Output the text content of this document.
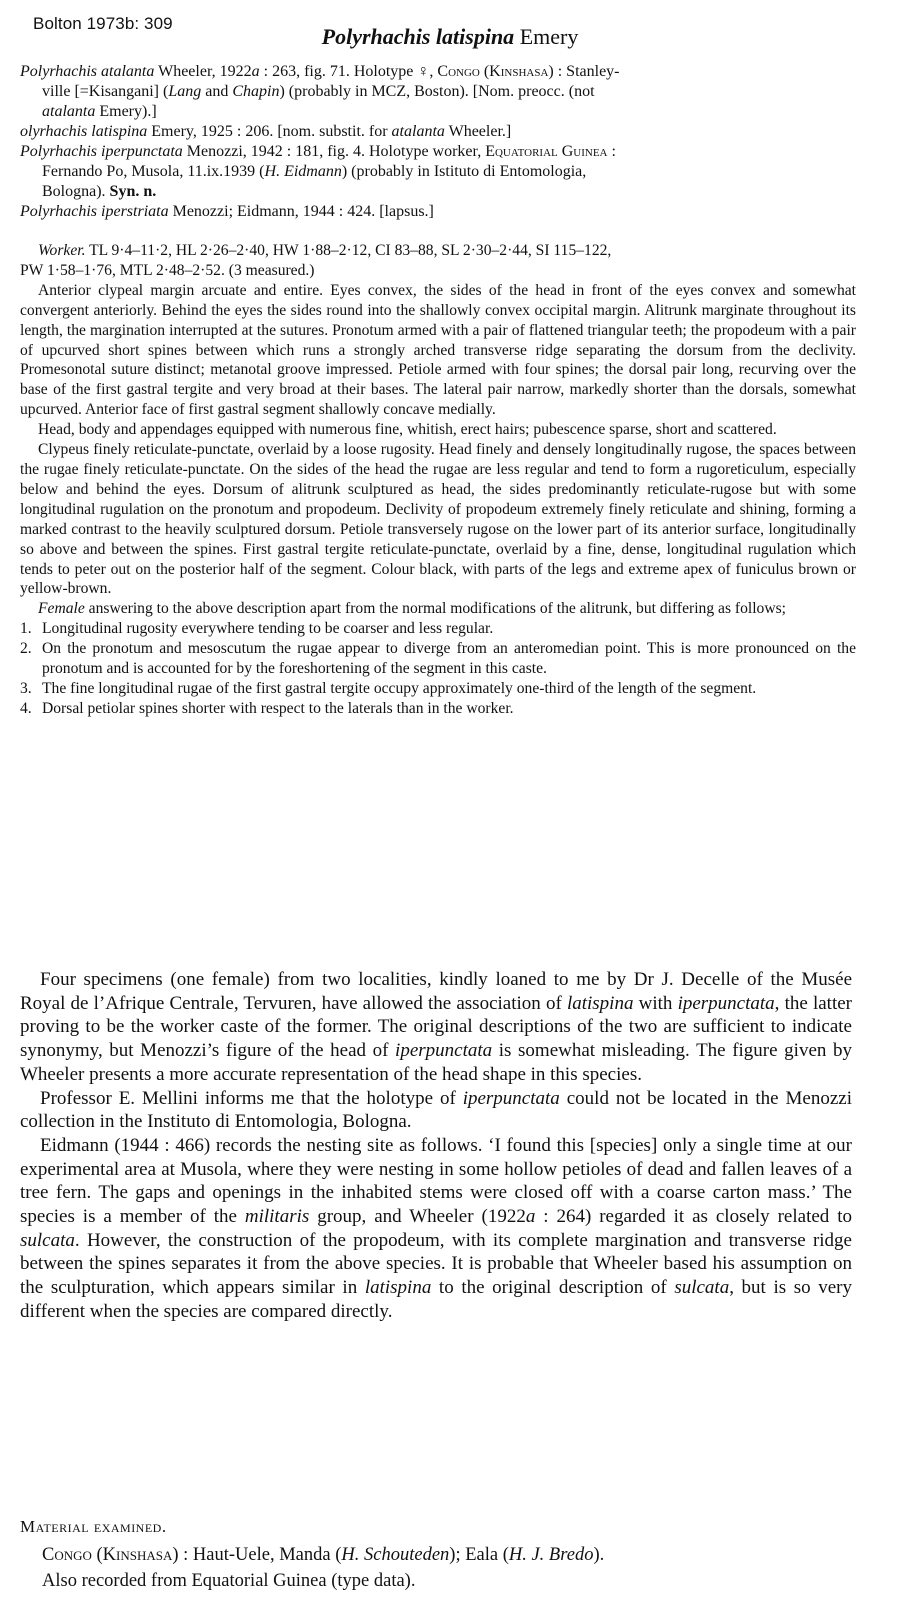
Bolton 1973b: 309
Polyrhachis latispina Emery
Polyrhachis atalanta Wheeler, 1922a : 263, fig. 71. Holotype ♀, Congo (Kinshasa) : Stanley-
ville [=Kisangani] (Lang and Chapin) (probably in MCZ, Boston). [Nom. preocc. (not
atalanta Emery).]
olyrhachis latispina Emery, 1925 : 206. [nom. substit. for atalanta Wheeler.]
Polyrhachis iperpunctata Menozzi, 1942 : 181, fig. 4. Holotype worker, Equatorial Guinea :
Fernando Po, Musola, 11.ix.1939 (H. Eidmann) (probably in Istituto di Entomologia,
Bologna). Syn. n.
Polyrhachis iperstriata Menozzi; Eidmann, 1944 : 424. [lapsus.]
Worker. TL 9·4–11·2, HL 2·26–2·40, HW 1·88–2·12, CI 83–88, SL 2·30–2·44, SI 115–122,
PW 1·58–1·76, MTL 2·48–2·52. (3 measured.)

Anterior clypeal margin arcuate and entire. Eyes convex, the sides of the head in front of the eyes convex and somewhat convergent anteriorly. Behind the eyes the sides round into the shallowly convex occipital margin. Alitrunk marginate throughout its length, the margination interrupted at the sutures. Pronotum armed with a pair of flattened triangular teeth; the propodeum with a pair of upcurved short spines between which runs a strongly arched transverse ridge separating the dorsum from the declivity. Promesonotal suture distinct; metanotal groove impressed. Petiole armed with four spines; the dorsal pair long, recurving over the base of the first gastral tergite and very broad at their bases. The lateral pair narrow, markedly shorter than the dorsals, somewhat upcurved. Anterior face of first gastral segment shallowly concave medially.

Head, body and appendages equipped with numerous fine, whitish, erect hairs; pubescence sparse, short and scattered.

Clypeus finely reticulate-punctate, overlaid by a loose rugosity. Head finely and densely longitudinally rugose, the spaces between the rugae finely reticulate-punctate. On the sides of the head the rugae are less regular and tend to form a rugoreticulum, especially below and behind the eyes. Dorsum of alitrunk sculptured as head, the sides predominantly reticulate-rugose but with some longitudinal rugulation on the pronotum and propodeum. Declivity of propodeum extremely finely reticulate and shining, forming a marked contrast to the heavily sculptured dorsum. Petiole transversely rugose on the lower part of its anterior surface, longitudinally so above and between the spines. First gastral tergite reticulate-punctate, overlaid by a fine, dense, longitudinal rugulation which tends to peter out on the posterior half of the segment. Colour black, with parts of the legs and extreme apex of funiculus brown or yellow-brown.

Female answering to the above description apart from the normal modifications of the alitrunk, but differing as follows;

1. Longitudinal rugosity everywhere tending to be coarser and less regular.
2. On the pronotum and mesoscutum the rugae appear to diverge from an anteromedian point. This is more pronounced on the pronotum and is accounted for by the foreshortening of the segment in this caste.
3. The fine longitudinal rugae of the first gastral tergite occupy approximately one-third of the length of the segment.
4. Dorsal petiolar spines shorter with respect to the laterals than in the worker.

Four specimens (one female) from two localities, kindly loaned to me by Dr J. Decelle of the Musée Royal de l’Afrique Centrale, Tervuren, have allowed the association of latispina with iperpunctata, the latter proving to be the worker caste of the former. The original descriptions of the two are sufficient to indicate synonymy, but Menozzi’s figure of the head of iperpunctata is somewhat misleading. The figure given by Wheeler presents a more accurate representation of the head shape in this species.

Professor E. Mellini informs me that the holotype of iperpunctata could not be located in the Menozzi collection in the Instituto di Entomologia, Bologna.

Eidmann (1944 : 466) records the nesting site as follows. ‘I found this [species] only a single time at our experimental area at Musola, where they were nesting in some hollow petioles of dead and fallen leaves of a tree fern. The gaps and openings in the inhabited stems were closed off with a coarse carton mass.’ The species is a member of the militaris group, and Wheeler (1922a : 264) regarded it as closely related to sulcata. However, the construction of the propodeum, with its complete margination and transverse ridge between the spines separates it from the above species. It is probable that Wheeler based his assumption on the sculpturation, which appears similar in latispina to the original description of sulcata, but is so very different when the species are compared directly.

Material examined.
Congo (Kinshasa) : Haut-Uele, Manda (H. Schouteden); Eala (H. J. Bredo).
Also recorded from Equatorial Guinea (type data).
